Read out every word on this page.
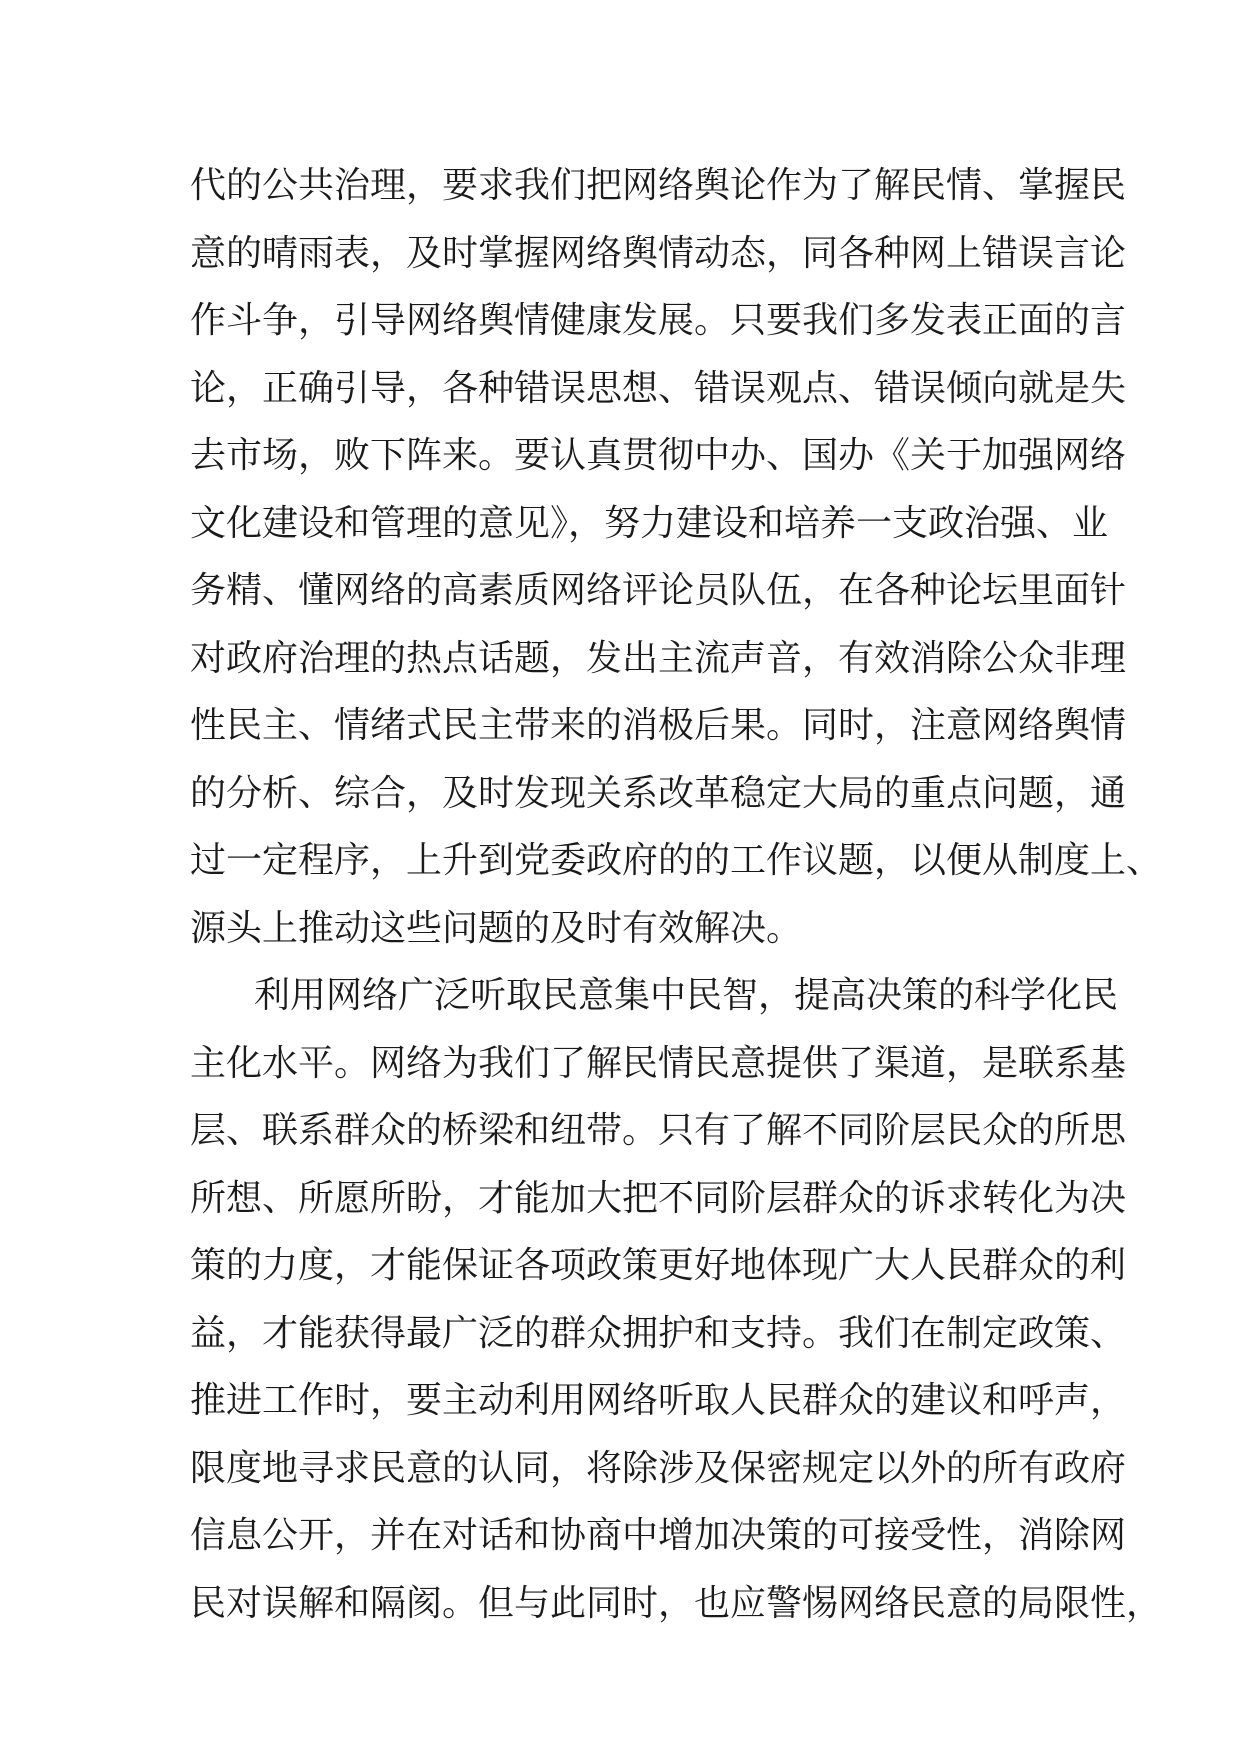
代的公共治理，要求我们把网络舆论作为了解民情、掌握民

意的晴雨表，及时掌握网络舆情动态，同各种网上错误言论

作斗争，引导网络舆情健康发展。只要我们多发表正面的言

论，正确引导，各种错误思想、错误观点、错误倾向就是失

去市场，败下阵来。要认真贯彻中办、国办《关于加强网络

文化建设和管理的意见》，努力建设和培养一支政治强、业

务精、懂网络的高素质网络评论员队伍，在各种论坛里面针

对政府治理的热点话题，发出主流声音，有效消除公众非理

性民主、情绪式民主带来的消极后果。同时，注意网络舆情

的分析、综合，及时发现关系改革稳定大局的重点问题，通

过一定程序，上升到党委政府的的工作议题，以便从制度上、

源头上推动这些问题的及时有效解决。

利用网络广泛听取民意集中民智，提高决策的科学化民

主化水平。网络为我们了解民情民意提供了渠道，是联系基

层、联系群众的桥梁和纽带。只有了解不同阶层民众的所思

所想、所愿所盼，才能加大把不同阶层群众的诉求转化为决

策的力度，才能保证各项政策更好地体现广大人民群众的利

益，才能获得最广泛的群众拥护和支持。我们在制定政策、

推进工作时，要主动利用网络听取人民群众的建议和呼声，

限度地寻求民意的认同，将除涉及保密规定以外的所有政府

信息公开，并在对话和协商中增加决策的可接受性，消除网

民对误解和隔阂。但与此同时，也应警惕网络民意的局限性，
